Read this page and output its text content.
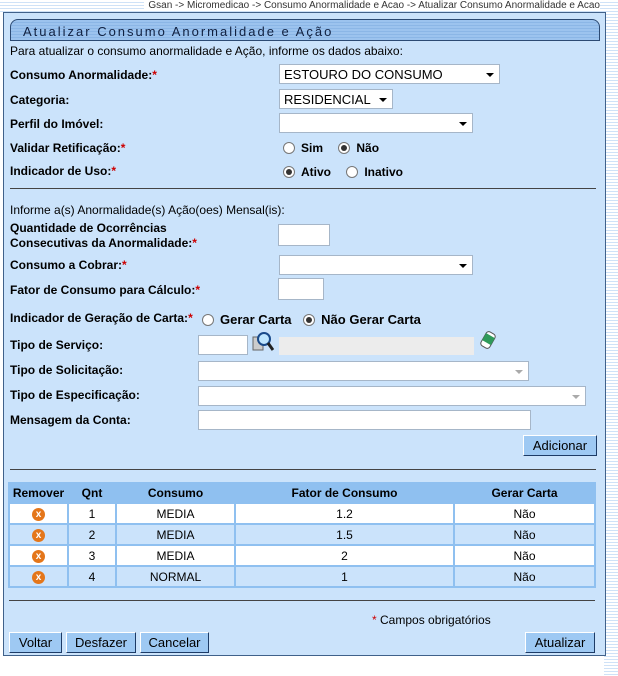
Gsan -> Micromedicao -> Consumo Anormalidade e Acao -> Atualizar Consumo Anormalidade e Acao
Atualizar Consumo Anormalidade e Ação
Para atualizar o consumo anormalidade e Ação, informe os dados abaixo:
Consumo Anormalidade:*	ESTOURO DO CONSUMO
Categoria:	RESIDENCIAL
Perfil do Imóvel:
Validar Retificação:*	Sim	Não
Indicador de Uso:*	Ativo	Inativo
Informe a(s) Anormalidade(s) Ação(oes) Mensal(is):
Quantidade de Ocorrências
Consecutivas da Anormalidade:*
Consumo a Cobrar:*
Fator de Consumo para Cálculo:*
Indicador de Geração de Carta:*	Gerar Carta Não Gerar Carta
Tipo de Serviço:
Tipo de Solicitação:
Tipo de Especificação:
Mensagem da Conta:
Adicionar
Remover	Qnt	Consumo	Fator de Consumo	Gerar Carta
x	1	MEDIA	1.2	Não
x	2	MEDIA	1.5	Não
x	3	MEDIA	2	Não
x	4	NORMAL	1	Não
* Campos obrigatórios
Voltar	Desfazer	Cancelar	Atualizar
